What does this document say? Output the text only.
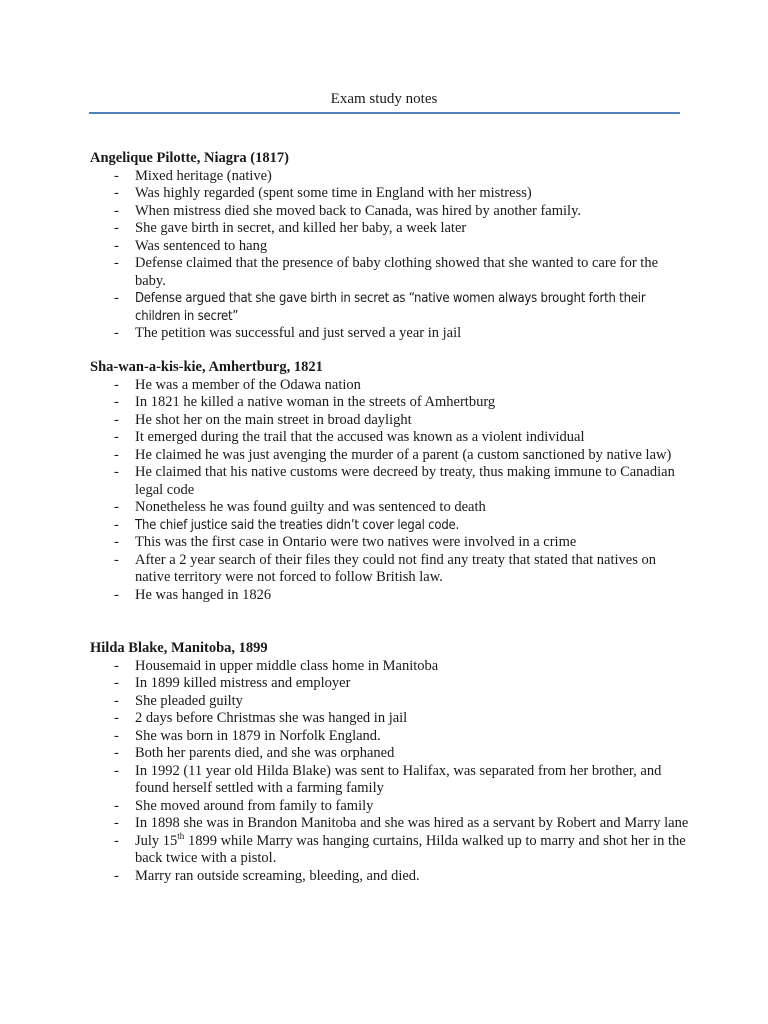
Exam study notes

Angelique Pilotte, Niagra (1817)

- Mixed heritage (native)
- Was highly regarded (spent some time in England with her mistress)
- When mistress died she moved back to Canada, was hired by another family.
- She gave birth in secret, and killed her baby, a week later
- Was sentenced to hang
- Defense claimed that the presence of baby clothing showed that she wanted to care for the baby.
- Defense argued that she gave birth in secret as “native women always brought forth their children in secret”
- The petition was successful and just served a year in jail

Sha-wan-a-kis-kie, Amhertburg, 1821

- He was a member of the Odawa nation
- In 1821 he killed a native woman in the streets of Amhertburg
- He shot her on the main street in broad daylight
- It emerged during the trail that the accused was known as a violent individual
- He claimed he was just avenging the murder of a parent (a custom sanctioned by native law)
- He claimed that his native customs were decreed by treaty, thus making immune to Canadian legal code
- Nonetheless he was found guilty and was sentenced to death
- The chief justice said the treaties didn’t cover legal code.
- This was the first case in Ontario were two natives were involved in a crime
- After a 2 year search of their files they could not find any treaty that stated that natives on native territory were not forced to follow British law.
- He was hanged in 1826

Hilda Blake, Manitoba, 1899

- Housemaid in upper middle class home in Manitoba
- In 1899 killed mistress and employer
- She pleaded guilty
- 2 days before Christmas she was hanged in jail
- She was born in 1879 in Norfolk England.
- Both her parents died, and she was orphaned
- In 1992 (11 year old Hilda Blake) was sent to Halifax, was separated from her brother, and found herself settled with a farming family
- She moved around from family to family
- In 1898 she was in Brandon Manitoba and she was hired as a servant by Robert and Marry lane
- July 15th 1899 while Marry was hanging curtains, Hilda walked up to marry and shot her in the back twice with a pistol.
- Marry ran outside screaming, bleeding, and died.
